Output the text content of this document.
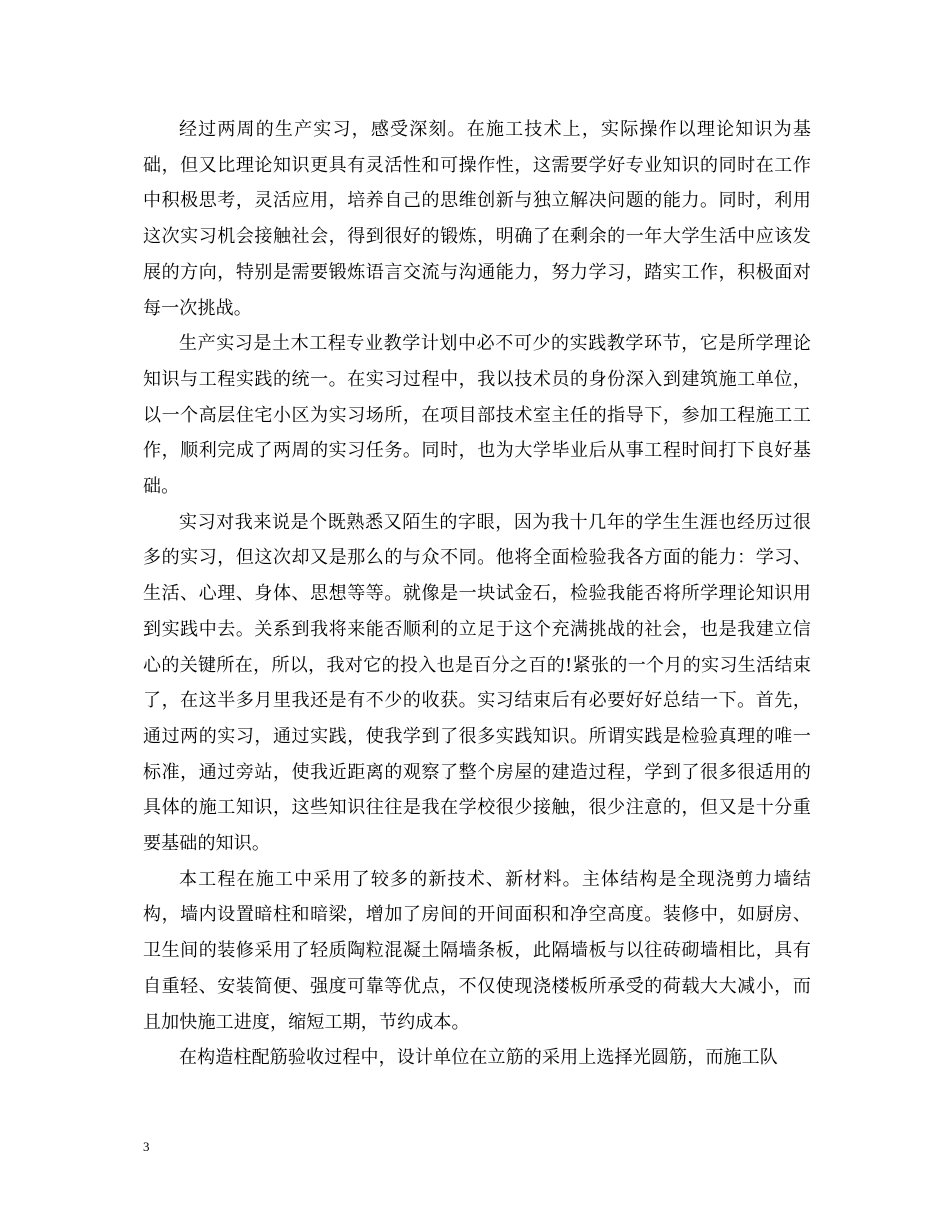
经过两周的生产实习，感受深刻。在施工技术上，实际操作以理论知识为基础，但又比理论知识更具有灵活性和可操作性，这需要学好专业知识的同时在工作中积极思考，灵活应用，培养自己的思维创新与独立解决问题的能力。同时，利用这次实习机会接触社会，得到很好的锻炼，明确了在剩余的一年大学生活中应该发展的方向，特别是需要锻炼语言交流与沟通能力，努力学习，踏实工作，积极面对每一次挑战。

生产实习是土木工程专业教学计划中必不可少的实践教学环节，它是所学理论知识与工程实践的统一。在实习过程中，我以技术员的身份深入到建筑施工单位，以一个高层住宅小区为实习场所，在项目部技术室主任的指导下，参加工程施工工作，顺利完成了两周的实习任务。同时，也为大学毕业后从事工程时间打下良好基础。

实习对我来说是个既熟悉又陌生的字眼，因为我十几年的学生生涯也经历过很多的实习，但这次却又是那么的与众不同。他将全面检验我各方面的能力：学习、生活、心理、身体、思想等等。就像是一块试金石，检验我能否将所学理论知识用到实践中去。关系到我将来能否顺利的立足于这个充满挑战的社会，也是我建立信心的关键所在，所以，我对它的投入也是百分之百的!紧张的一个月的实习生活结束了，在这半多月里我还是有不少的收获。实习结束后有必要好好总结一下。首先，通过两的实习，通过实践，使我学到了很多实践知识。所谓实践是检验真理的唯一标准，通过旁站，使我近距离的观察了整个房屋的建造过程，学到了很多很适用的具体的施工知识，这些知识往往是我在学校很少接触，很少注意的，但又是十分重要基础的知识。

本工程在施工中采用了较多的新技术、新材料。主体结构是全现浇剪力墙结构，墙内设置暗柱和暗梁，增加了房间的开间面积和净空高度。装修中，如厨房、卫生间的装修采用了轻质陶粒混凝土隔墙条板，此隔墙板与以往砖砌墙相比，具有自重轻、安装简便、强度可靠等优点，不仅使现浇楼板所承受的荷载大大减小，而且加快施工进度，缩短工期，节约成本。

在构造柱配筋验收过程中，设计单位在立筋的采用上选择光圆筋，而施工队

3
